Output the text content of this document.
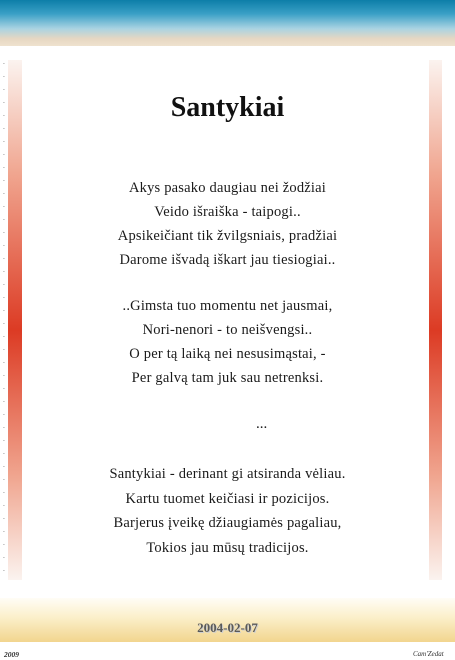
·
·
·
·
·
·
·
·
·
·
·
·
·
·
·
·
·
·
·
·
·
·
·
·
·
·
·
·
·
·
·
·
·
·
·
·
·
·
·
·
Santykiai
Akys pasako daugiau nei žodžiai
Veido išraiška - taipogi..
Apsikeičiant tik žvilgsniais, pradžiai
Darome išvadą iškart jau tiesiogiai..
..Gimsta tuo momentu net jausmai,
Nori-nenori - to neišvengsi..
O per tą laiką nei nesusimąstai, -
Per galvą tam juk sau netrenksi.
...
Santykiai - derinant gi atsiranda vėliau.
Kartu tuomet keičiasi ir pozicijos.
Barjerus įveikę džiaugiamės pagaliau,
Tokios jau mūsų tradicijos.
2004-02-07
2009	Cam'Zedat
